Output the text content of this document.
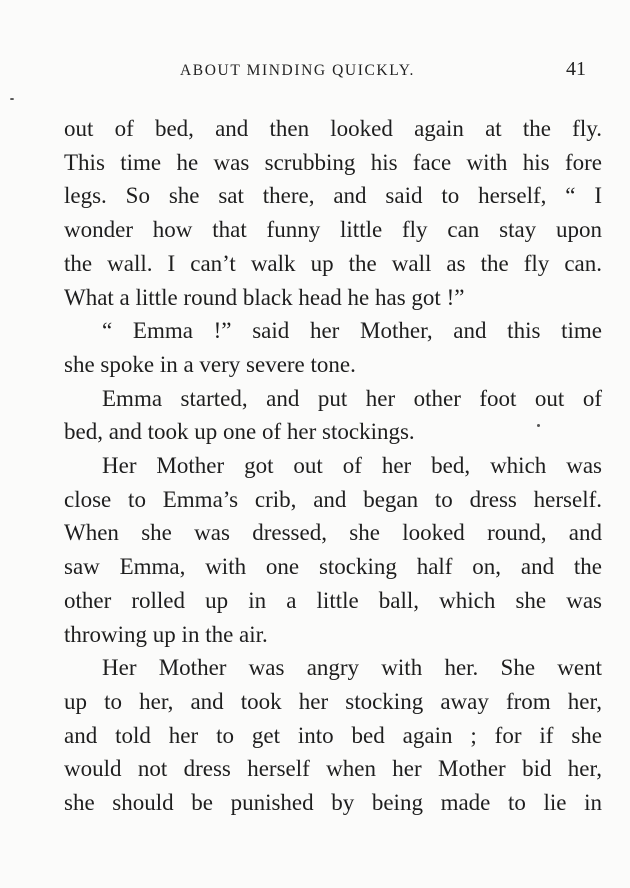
ABOUT MINDING QUICKLY.	41
out of bed, and then looked again at the fly.
This time he was scrubbing his face with his fore
legs. So she sat there, and said to herself, “ I
wonder how that funny little fly can stay upon
the wall. I can’t walk up the wall as the fly can.
What a little round black head he has got !”
“ Emma !” said her Mother, and this time
she spoke in a very severe tone.
Emma started, and put her other foot out of
bed, and took up one of her stockings.
Her Mother got out of her bed, which was
close to Emma’s crib, and began to dress herself.
When she was dressed, she looked round, and
saw Emma, with one stocking half on, and the
other rolled up in a little ball, which she was
throwing up in the air.
Her Mother was angry with her. She went
up to her, and took her stocking away from her,
and told her to get into bed again ; for if she
would not dress herself when her Mother bid her,
she should be punished by being made to lie in
